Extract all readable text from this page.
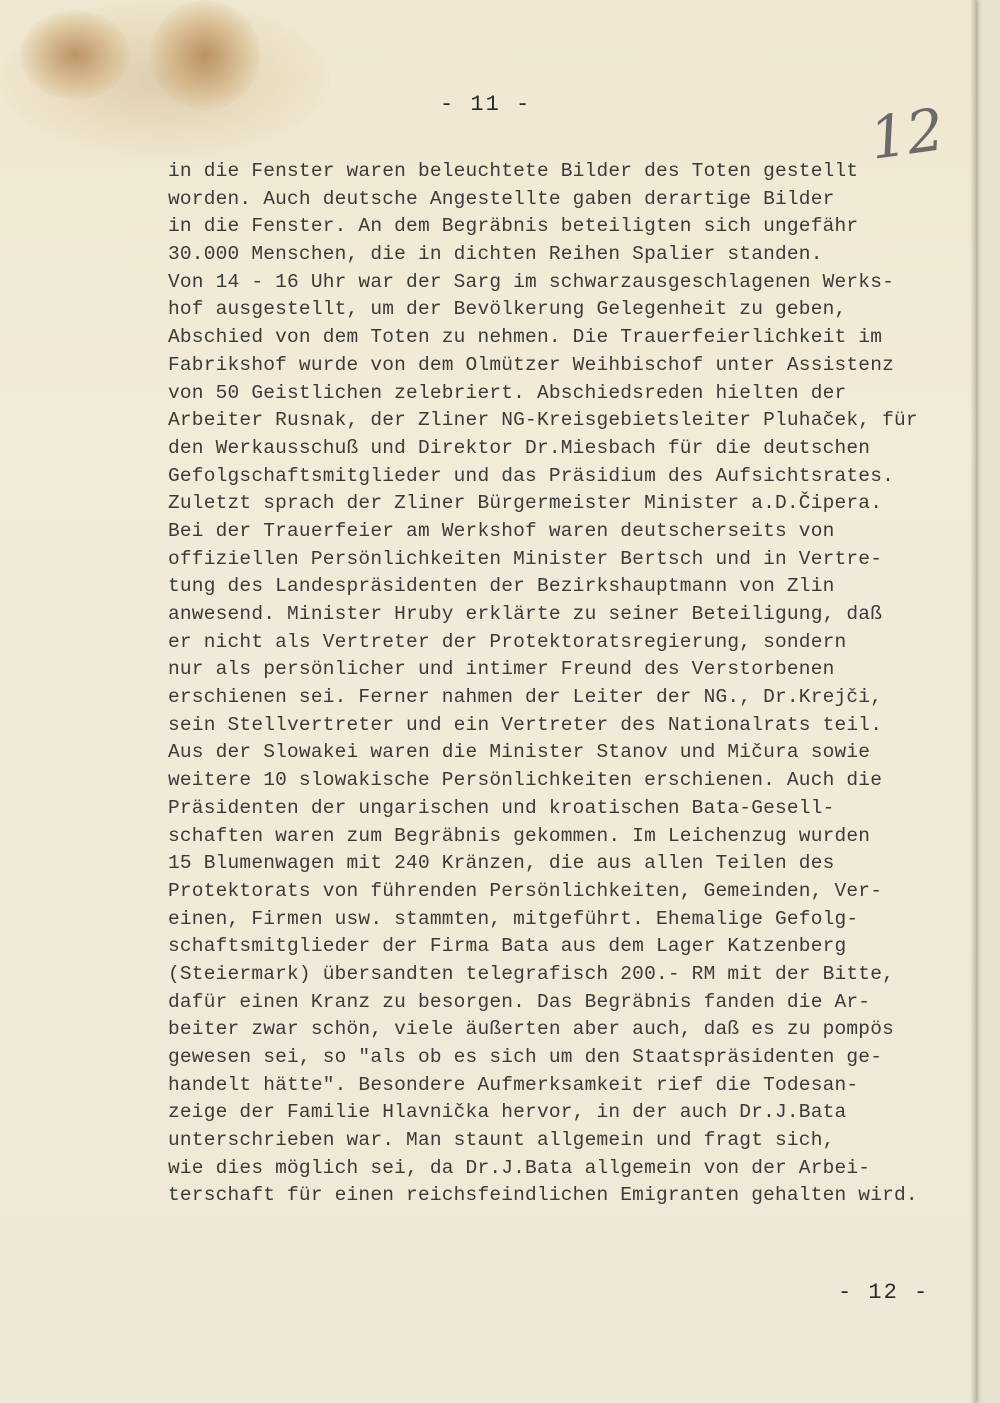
- 11 -	12
in die Fenster waren beleuchtete Bilder des Toten gestellt
worden. Auch deutsche Angestellte gaben derartige Bilder
in die Fenster. An dem Begräbnis beteiligten sich ungefähr
30.000 Menschen, die in dichten Reihen Spalier standen.
Von 14 - 16 Uhr war der Sarg im schwarzausgeschlagenen Werks-
hof ausgestellt, um der Bevölkerung Gelegenheit zu geben,
Abschied von dem Toten zu nehmen. Die Trauerfeierlichkeit im
Fabrikshof wurde von dem Olmützer Weihbischof unter Assistenz
von 50 Geistlichen zelebriert. Abschiedsreden hielten der
Arbeiter Rusnak, der Zliner NG-Kreisgebietsleiter Pluhaček, für
den Werkausschuß und Direktor Dr.Miesbach für die deutschen
Gefolgschaftsmitglieder und das Präsidium des Aufsichtsrates.
Zuletzt sprach der Zliner Bürgermeister Minister a.D.Čipera.
Bei der Trauerfeier am Werkshof waren deutscherseits von
offiziellen Persönlichkeiten Minister Bertsch und in Vertre-
tung des Landespräsidenten der Bezirkshauptmann von Zlin
anwesend. Minister Hruby erklärte zu seiner Beteiligung, daß
er nicht als Vertreter der Protektoratsregierung, sondern
nur als persönlicher und intimer Freund des Verstorbenen
erschienen sei. Ferner nahmen der Leiter der NG., Dr.Krejči,
sein Stellvertreter und ein Vertreter des Nationalrats teil.
Aus der Slowakei waren die Minister Stanov und Mičura sowie
weitere 10 slowakische Persönlichkeiten erschienen. Auch die
Präsidenten der ungarischen und kroatischen Bata-Gesell-
schaften waren zum Begräbnis gekommen. Im Leichenzug wurden
15 Blumenwagen mit 240 Kränzen, die aus allen Teilen des
Protektorats von führenden Persönlichkeiten, Gemeinden, Ver-
einen, Firmen usw. stammten, mitgeführt. Ehemalige Gefolg-
schaftsmitglieder der Firma Bata aus dem Lager Katzenberg
(Steiermark) übersandten telegrafisch 200.- RM mit der Bitte,
dafür einen Kranz zu besorgen. Das Begräbnis fanden die Ar-
beiter zwar schön, viele äußerten aber auch, daß es zu pompös
gewesen sei, so "als ob es sich um den Staatspräsidenten ge-
handelt hätte". Besondere Aufmerksamkeit rief die Todesan-
zeige der Familie Hlavnička hervor, in der auch Dr.J.Bata
unterschrieben war. Man staunt allgemein und fragt sich,
wie dies möglich sei, da Dr.J.Bata allgemein von der Arbei-
terschaft für einen reichsfeindlichen Emigranten gehalten wird.
- 12 -
